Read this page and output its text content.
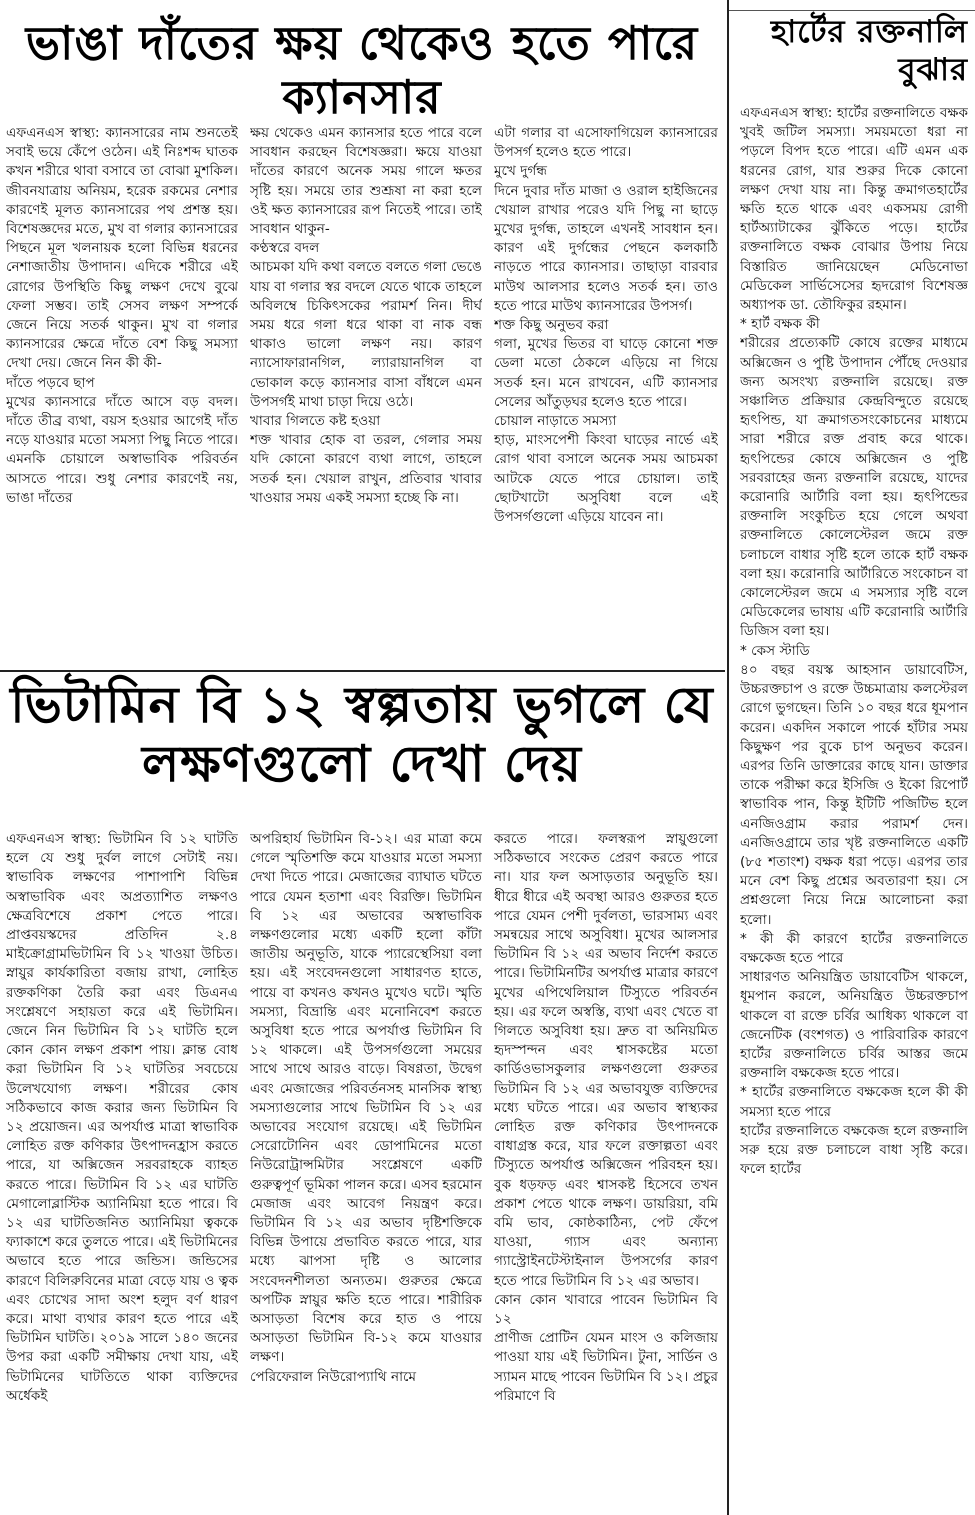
ভাঙা দাঁতের ক্ষয় থেকেও হতে পারে ক্যানসার
এফএনএস স্বাস্থ্য: ক্যানসারের নাম শুনতেই সবাই ভয়ে কেঁপে ওঠেন। এই নিঃশব্দ ঘাতক কখন শরীরে থাবা বসাবে তা বোঝা মুশকিল। জীবনযাত্রায় অনিয়ম, হরেক রকমের নেশার কারণেই মূলত ক্যানসারের পথ প্রশস্ত হয়। বিশেষজ্ঞদের মতে, মুখ বা গলার ক্যানসারের পিছনে মূল খলনায়ক হলো বিভিন্ন ধরনের নেশাজাতীয় উপাদান। এদিকে শরীরে এই রোগের উপস্থিতি কিছু লক্ষণ দেখে বুঝে ফেলা সম্ভব। তাই সেসব লক্ষণ সম্পর্কে জেনে নিয়ে সতর্ক থাকুন। মুখ বা গলার ক্যানসারের ক্ষেত্রে দাঁতে বেশ কিছু সমস্যা দেখা দেয়। জেনে নিন কী কী-
দাঁতে পড়বে ছাপ
মুখের ক্যানসারে দাঁতে আসে বড় বদল। দাঁতে তীব্র ব্যথা, বয়স হওয়ার আগেই দাঁত নড়ে যাওয়ার মতো সমস্যা পিছু নিতে পারে। এমনকি চোয়ালে অস্বাভাবিক পরিবর্তন আসতে পারে। শুধু নেশার কারণেই নয়, ভাঙা দাঁতের
ক্ষয় থেকেও এমন ক্যানসার হতে পারে বলে সাবধান করছেন বিশেষজ্ঞরা। ক্ষয়ে যাওয়া দাঁতের কারণে অনেক সময় গালে ক্ষতর সৃষ্টি হয়। সময়ে তার শুশ্রূষা না করা হলে ওই ক্ষত ক্যানসারের রূপ নিতেই পারে। তাই সাবধান থাকুন-
কণ্ঠস্বরে বদল
আচমকা যদি কথা বলতে বলতে গলা ভেঙে যায় বা গলার স্বর বদলে যেতে থাকে তাহলে অবিলম্বে চিকিৎসকের পরামর্শ নিন। দীর্ঘ সময় ধরে গলা ধরে থাকা বা নাক বন্ধ থাকাও ভালো লক্ষণ নয়। কারণ ন্যাসোফারানগিল, ল্যারায়ানগিল বা ভোকাল কড়ে ক্যানসার বাসা বাঁধলে এমন উপসর্গই মাথা চাড়া দিয়ে ওঠে।
খাবার গিলতে কষ্ট হওয়া
শক্ত খাবার হোক বা তরল, গেলার সময় যদি কোনো কারণে ব্যথা লাগে, তাহলে সতর্ক হন। খেয়াল রাখুন, প্রতিবার খাবার খাওয়ার সময় একই সমস্যা হচ্ছে কি না।
এটা গলার বা এসোফাগিয়েল ক্যানসারের উপসর্গ হলেও হতে পারে।
মুখে দুর্গন্ধ
দিনে দুবার দাঁত মাজা ও ওরাল হাইজিনের খেয়াল রাখার পরেও যদি পিছু না ছাড়ে মুখের দুর্গন্ধ, তাহলে এখনই সাবধান হন। কারণ এই দুর্গন্ধের পেছনে কলকাঠি নাড়তে পারে ক্যানসার। তাছাড়া বারবার মাউথ আলসার হলেও সতর্ক হন। তাও হতে পারে মাউথ ক্যানসারের উপসর্গ।
শক্ত কিছু অনুভব করা
গলা, মুখের ভিতর বা ঘাড়ে কোনো শক্ত ডেলা মতো ঠেকলে এড়িয়ে না গিয়ে সতর্ক হন। মনে রাখবেন, এটি ক্যানসার সেলের আঁতুড়ঘর হলেও হতে পারে।
চোয়াল নাড়াতে সমস্যা
হাড়, মাংসপেশী কিংবা ঘাড়ের নার্ভে এই রোগ থাবা বসালে অনেক সময় আচমকা আটকে যেতে পারে চোয়াল। তাই ছোটখাটো অসুবিধা বলে এই উপসর্গগুলো এড়িয়ে যাবেন না।
ভিটামিন বি ১২ স্বল্পতায় ভুগলে যে লক্ষণগুলো দেখা দেয়
এফএনএস স্বাস্থ্য: ভিটামিন বি ১২ ঘাটতি হলে যে শুধু দুর্বল লাগে সেটাই নয়। স্বাভাবিক লক্ষণের পাশাপাশি বিভিন্ন অস্বাভাবিক এবং অপ্রত্যাশিত লক্ষণও ক্ষেত্রবিশেষে প্রকাশ পেতে পারে। প্রাপ্তবয়স্কদের প্রতিদিন ২.৪ মাইক্রোগ্রামভিটামিন বি ১২ খাওয়া উচিত। স্নায়ুর কার্যকারিতা বজায় রাখা, লোহিত রক্তকণিকা তৈরি করা এবং ডিএনএ সংশ্লেষণে সহায়তা করে এই ভিটামিন। জেনে নিন ভিটামিন বি ১২ ঘাটতি হলে কোন কোন লক্ষণ প্রকাশ পায়। ক্লান্ত বোধ করা ভিটামিন বি ১২ ঘাটতির সবচেয়ে উলেখযোগ্য লক্ষণ। শরীরের কোষ সঠিকভাবে কাজ করার জন্য ভিটামিন বি ১২ প্রয়োজন। এর অপর্যাপ্ত মাত্রা স্বাভাবিক লোহিত রক্ত কণিকার উৎপাদনহ্রাস করতে পারে, যা অক্সিজেন সরবরাহকে ব্যাহত করতে পারে। ভিটামিন বি ১২ এর ঘাটতি মেগালোব্লাস্টিক অ্যানিমিয়া হতে পারে। বি ১২ এর ঘাটতিজনিত অ্যানিমিয়া ত্বককে ফ্যাকাশে করে তুলতে পারে। এই ভিটামিনের অভাবে হতে পারে জন্ডিস। জন্ডিসের কারণে বিলিরুবিনের মাত্রা বেড়ে যায় ও ত্বক এবং চোখের সাদা অংশ হলুদ বর্ণ ধারণ করে। মাথা ব্যথার কারণ হতে পারে এই ভিটামিন ঘাটতি। ২০১৯ সালে ১৪০ জনের উপর করা একটি সমীক্ষায় দেখা যায়, এই ভিটামিনের ঘাটতিতে থাকা ব্যক্তিদের অর্ধেকই
অপরিহার্য ভিটামিন বি-১২। এর মাত্রা কমে গেলে স্মৃতিশক্তি কমে যাওয়ার মতো সমস্যা দেখা দিতে পারে। মেজাজের ব্যাঘাত ঘটতে পারে যেমন হতাশা এবং বিরক্তি। ভিটামিন বি ১২ এর অভাবের অস্বাভাবিক লক্ষণগুলোর মধ্যে একটি হলো কাঁটা জাতীয় অনুভূতি, যাকে প্যারেস্থেসিয়া বলা হয়। এই সংবেদনগুলো সাধারণত হাতে, পায়ে বা কখনও কখনও মুখেও ঘটে। স্মৃতি সমস্যা, বিভ্রান্তি এবং মনোনিবেশ করতে অসুবিধা হতে পারে অপর্যাপ্ত ভিটামিন বি ১২ থাকলে। এই উপসর্গগুলো সময়ের সাথে সাথে আরও বাড়ে। বিষণ্ণতা, উদ্বেগ এবং মেজাজের পরিবর্তনসহ মানসিক স্বাস্থ্য সমস্যাগুলোর সাথে ভিটামিন বি ১২ এর অভাবের সংযোগ রয়েছে। এই ভিটামিন সেরোটোনিন এবং ডোপামিনের মতো নিউরোট্রান্সমিটার সংশ্লেষণে একটি গুরুত্বপূর্ণ ভূমিকা পালন করে। এসব হরমোন মেজাজ এবং আবেগ নিয়ন্ত্রণ করে। ভিটামিন বি ১২ এর অভাব দৃষ্টিশক্তিকে বিভিন্ন উপায়ে প্রভাবিত করতে পারে, যার মধ্যে ঝাপসা দৃষ্টি ও আলোর সংবেদনশীলতা অন্যতম। গুরুতর ক্ষেত্রে অপটিক স্নায়ুর ক্ষতি হতে পারে। শারীরিক অসাড়তা বিশেষ করে হাত ও পায়ে অসাড়তা ভিটামিন বি-১২ কমে যাওয়ার লক্ষণ।
পেরিফেরাল নিউরোপ্যাথি নামে
করতে পারে। ফলস্বরূপ স্নায়ুগুলো সঠিকভাবে সংকেত প্রেরণ করতে পারে না। যার ফল অসাড়তার অনুভূতি হয়। ধীরে ধীরে এই অবস্থা আরও গুরুতর হতে পারে যেমন পেশী দুর্বলতা, ভারসাম্য এবং সমন্বয়ের সাথে অসুবিধা। মুখের আলসার ভিটামিন বি ১২ এর অভাব নির্দেশ করতে পারে। ভিটামিনটির অপর্যাপ্ত মাত্রার কারণে মুখের এপিথেলিয়াল টিস্যুতে পরিবর্তন হয়। এর ফলে অস্বস্তি, ব্যথা এবং খেতে বা গিলতে অসুবিধা হয়। দ্রুত বা অনিয়মিত হৃদস্পন্দন এবং শ্বাসকষ্টের মতো কার্ডিওভাসকুলার লক্ষণগুলো গুরুতর ভিটামিন বি ১২ এর অভাবযুক্ত ব্যক্তিদের মধ্যে ঘটতে পারে। এর অভাব স্বাস্থ্যকর লোহিত রক্ত কণিকার উৎপাদনকে বাধাগ্রস্ত করে, যার ফলে রক্তাল্পতা এবং টিস্যুতে অপর্যাপ্ত অক্সিজেন পরিবহন হয়। বুক ধড়ফড় এবং শ্বাসকষ্ট হিসেবে তখন প্রকাশ পেতে থাকে লক্ষণ। ডায়রিয়া, বমি বমি ভাব, কোষ্ঠকাঠিন্য, পেট ফেঁপে যাওয়া, গ্যাস এবং অন্যান্য গ্যাস্ট্রোইনটেস্টাইনাল উপসর্গের কারণ হতে পারে ভিটামিন বি ১২ এর অভাব।
কোন কোন খাবারে পাবেন ভিটামিন বি ১২
প্রাণীজ প্রোটিন যেমন মাংস ও কলিজায় পাওয়া যায় এই ভিটামিন। টুনা, সার্ডিন ও স্যামন মাছে পাবেন ভিটামিন বি ১২। প্রচুর পরিমাণে বি
হার্টের রক্তনালি বুঝার
এফএনএস স্বাস্থ্য: হার্টের রক্তনালিতে বক্ষক খুবই জটিল সমস্যা। সময়মতো ধরা না পড়লে বিপদ হতে পারে। এটি এমন এক ধরনের রোগ, যার শুরুর দিকে কোনো লক্ষণ দেখা যায় না। কিন্তু ক্রমাগতহার্টের ক্ষতি হতে থাকে এবং একসময় রোগী হার্টঅ্যাটাকের ঝুঁকিতে পড়ে। হার্টের রক্তনালিতে বক্ষক বোঝার উপায় নিয়ে বিস্তারিত জানিয়েছেন মেডিনোভা মেডিকেল সার্ভিসেসের হৃদরোগ বিশেষজ্ঞ অধ্যাপক ডা. তৌফিকুর রহমান।
* হার্ট বক্ষক কী
শরীরের প্রত্যেকটি কোষে রক্তের মাধ্যমে অক্সিজেন ও পুষ্টি উপাদান পৌঁছে দেওয়ার জন্য অসংখ্য রক্তনালি রয়েছে। রক্ত সঞ্চালিত প্রক্রিয়ার কেন্দ্রবিন্দুতে রয়েছে হৃৎপিন্ড, যা ক্রমাগতসংকোচনের মাধ্যমে সারা শরীরে রক্ত প্রবাহ করে থাকে। হৃৎপিন্ডের কোষে অক্সিজেন ও পুষ্টি সরবরাহের জন্য রক্তনালি রয়েছে, যাদের করোনারি আর্টারি বলা হয়। হৃৎপিন্ডের রক্তনালি সংকুচিত হয়ে গেলে অথবা রক্তনালিতে কোলেস্টেরল জমে রক্ত চলাচলে বাধার সৃষ্টি হলে তাকে হার্ট বক্ষক বলা হয়। করোনারি আর্টারিতে সংকোচন বা কোলেস্টেরল জমে এ সমস্যার সৃষ্টি বলে মেডিকেলের ভাষায় এটি করোনারি আর্টারি ডিজিস বলা হয়।
* কেস স্টাডি
৪০ বছর বয়স্ক আহসান ডায়াবেটিস, উচ্চরক্তচাপ ও রক্তে উচ্চমাত্রায় কলস্টেরল রোগে ভুগছেন। তিনি ১০ বছর ধরে ধূমপান করেন। একদিন সকালে পার্কে হাঁটার সময় কিছুক্ষণ পর বুকে চাপ অনুভব করেন। এরপর তিনি ডাক্তারের কাছে যান। ডাক্তার তাকে পরীক্ষা করে ইসিজি ও ইকো রিপোর্ট স্বাভাবিক পান, কিন্তু ইটিটি পজিটিভ হলে এনজিওগ্রাম করার পরামর্শ দেন। এনজিওগ্রামে তার খৃষ্ট রক্তনালিতে একটি (৮৫ শতাংশ) বক্ষক ধরা পড়ে। এরপর তার মনে বেশ কিছু প্রশ্নের অবতারণা হয়। সে প্রশ্নগুলো নিয়ে নিম্নে আলোচনা করা হলো।
* কী কী কারণে হার্টের রক্তনালিতে বক্ষকেজ হতে পারে
সাধারণত অনিয়ন্ত্রিত ডায়াবেটিস থাকলে, ধূমপান করলে, অনিয়ন্ত্রিত উচ্চরক্তচাপ থাকলে বা রক্তে চর্বির আধিক্য থাকলে বা জেনেটিক (বংশগত) ও পারিবারিক কারণে হার্টের রক্তনালিতে চর্বির আস্তর জমে রক্তনালি বক্ষকেজ হতে পারে।
* হার্টের রক্তনালিতে বক্ষকেজ হলে কী কী সমস্যা হতে পারে
হার্টের রক্তনালিতে বক্ষকেজ হলে রক্তনালি সরু হয়ে রক্ত চলাচলে বাধা সৃষ্টি করে। ফলে হার্টের
